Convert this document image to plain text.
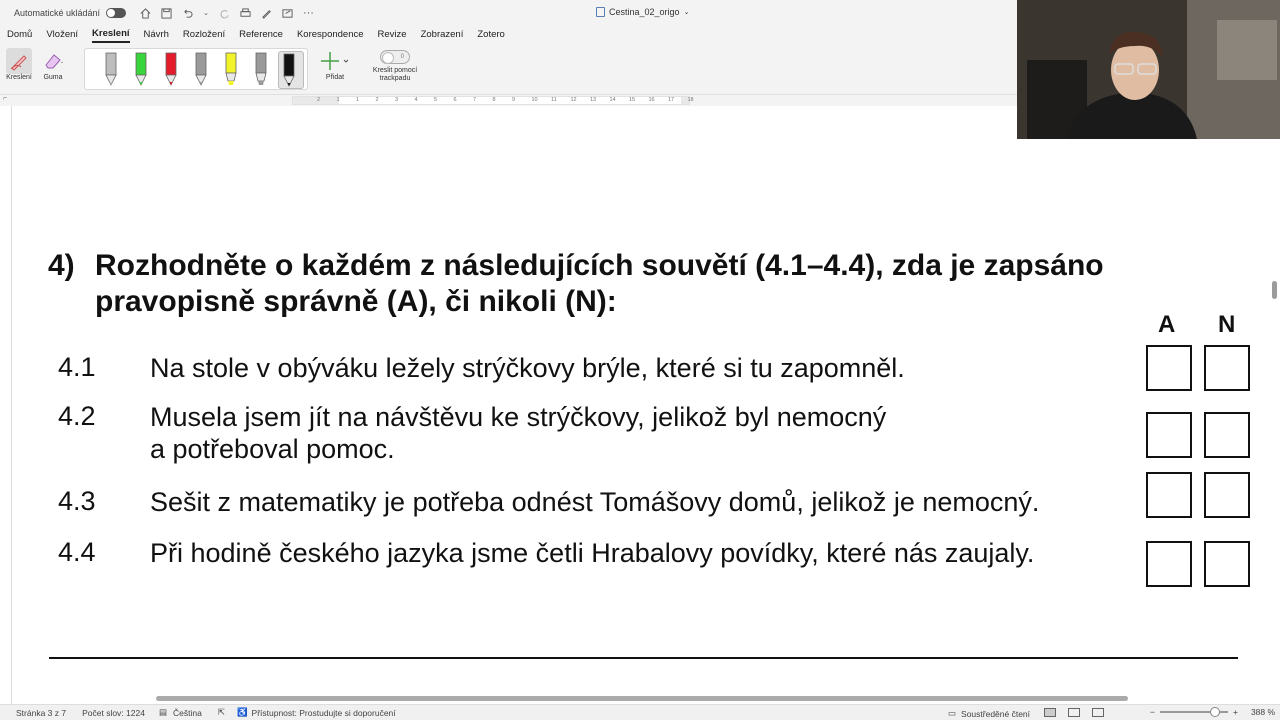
Automatické ukládání	⌄	···	Cestina_02_origo ⌄
Domů Vložení Kreslení Návrh Rozložení Reference Korespondence Revize Zobrazení Zotero
Kreslení Guma	Přidat
0
Kreslit pomocí trackpadu
⌐	2	1	1	2	3	4	5	6	7	8	9	10 11	12 13 14 15 16 17 18
4) Rozhodněte o každém z následujících souvětí (4.1–4.4), zda je zapsáno pravopisně správně (A), či nikoli (N):
A N
4.1 Na stole v obýváku ležely strýčkovy brýle, které si tu zapomněl.
4.2 Musela jsem jít na návštěvu ke strýčkovy, jelikož byl nemocný
a potřeboval pomoc.
4.3 Sešit z matematiky je potřeba odnést Tomášovy domů, jelikož je nemocný.
4.4 Při hodině českého jazyka jsme četli Hrabalovy povídky, které nás zaujaly.
Stránka 3 z 7 Počet slov: 1224 ▤ Čeština ⇱ ♿ Přístupnost: Prostudujte si doporučení	▭ Soustředěné čtení	−	+ 388 %
